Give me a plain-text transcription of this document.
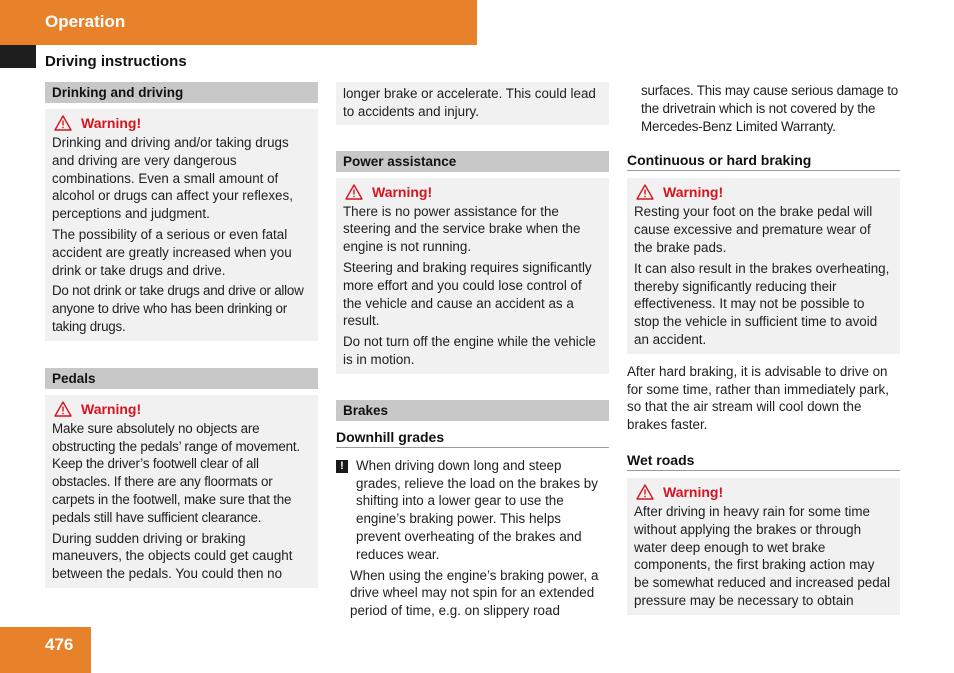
Operation
Driving instructions
Drinking and driving
Warning!

Drinking and driving and/or taking drugs and driving are very dangerous combinations. Even a small amount of alcohol or drugs can affect your reflexes, perceptions and judgment.

The possibility of a serious or even fatal accident are greatly increased when you drink or take drugs and drive.

Do not drink or take drugs and drive or allow anyone to drive who has been drinking or taking drugs.

Pedals
Warning!

Make sure absolutely no objects are obstructing the pedals’ range of movement. Keep the driver’s footwell clear of all obstacles. If there are any floormats or carpets in the footwell, make sure that the pedals still have sufficient clearance.

During sudden driving or braking maneuvers, the objects could get caught between the pedals. You could then no

longer brake or accelerate. This could lead to accidents and injury.

Power assistance
Warning!

There is no power assistance for the steering and the service brake when the engine is not running.

Steering and braking requires significantly more effort and you could lose control of the vehicle and cause an accident as a result.

Do not turn off the engine while the vehicle is in motion.

Brakes
Downhill grades
! When driving down long and steep grades, relieve the load on the brakes by shifting into a lower gear to use the engine’s braking power. This helps prevent overheating of the brakes and reduces wear.

When using the engine’s braking power, a drive wheel may not spin for an extended period of time, e.g. on slippery road

surfaces. This may cause serious damage to the drivetrain which is not covered by the Mercedes-Benz Limited Warranty.

Continuous or hard braking
Warning!

Resting your foot on the brake pedal will cause excessive and premature wear of the brake pads.

It can also result in the brakes overheating, thereby significantly reducing their effectiveness. It may not be possible to stop the vehicle in sufficient time to avoid an accident.

After hard braking, it is advisable to drive on for some time, rather than immediately park, so that the air stream will cool down the brakes faster.

Wet roads
Warning!

After driving in heavy rain for some time without applying the brakes or through water deep enough to wet brake components, the first braking action may be somewhat reduced and increased pedal pressure may be necessary to obtain

476
